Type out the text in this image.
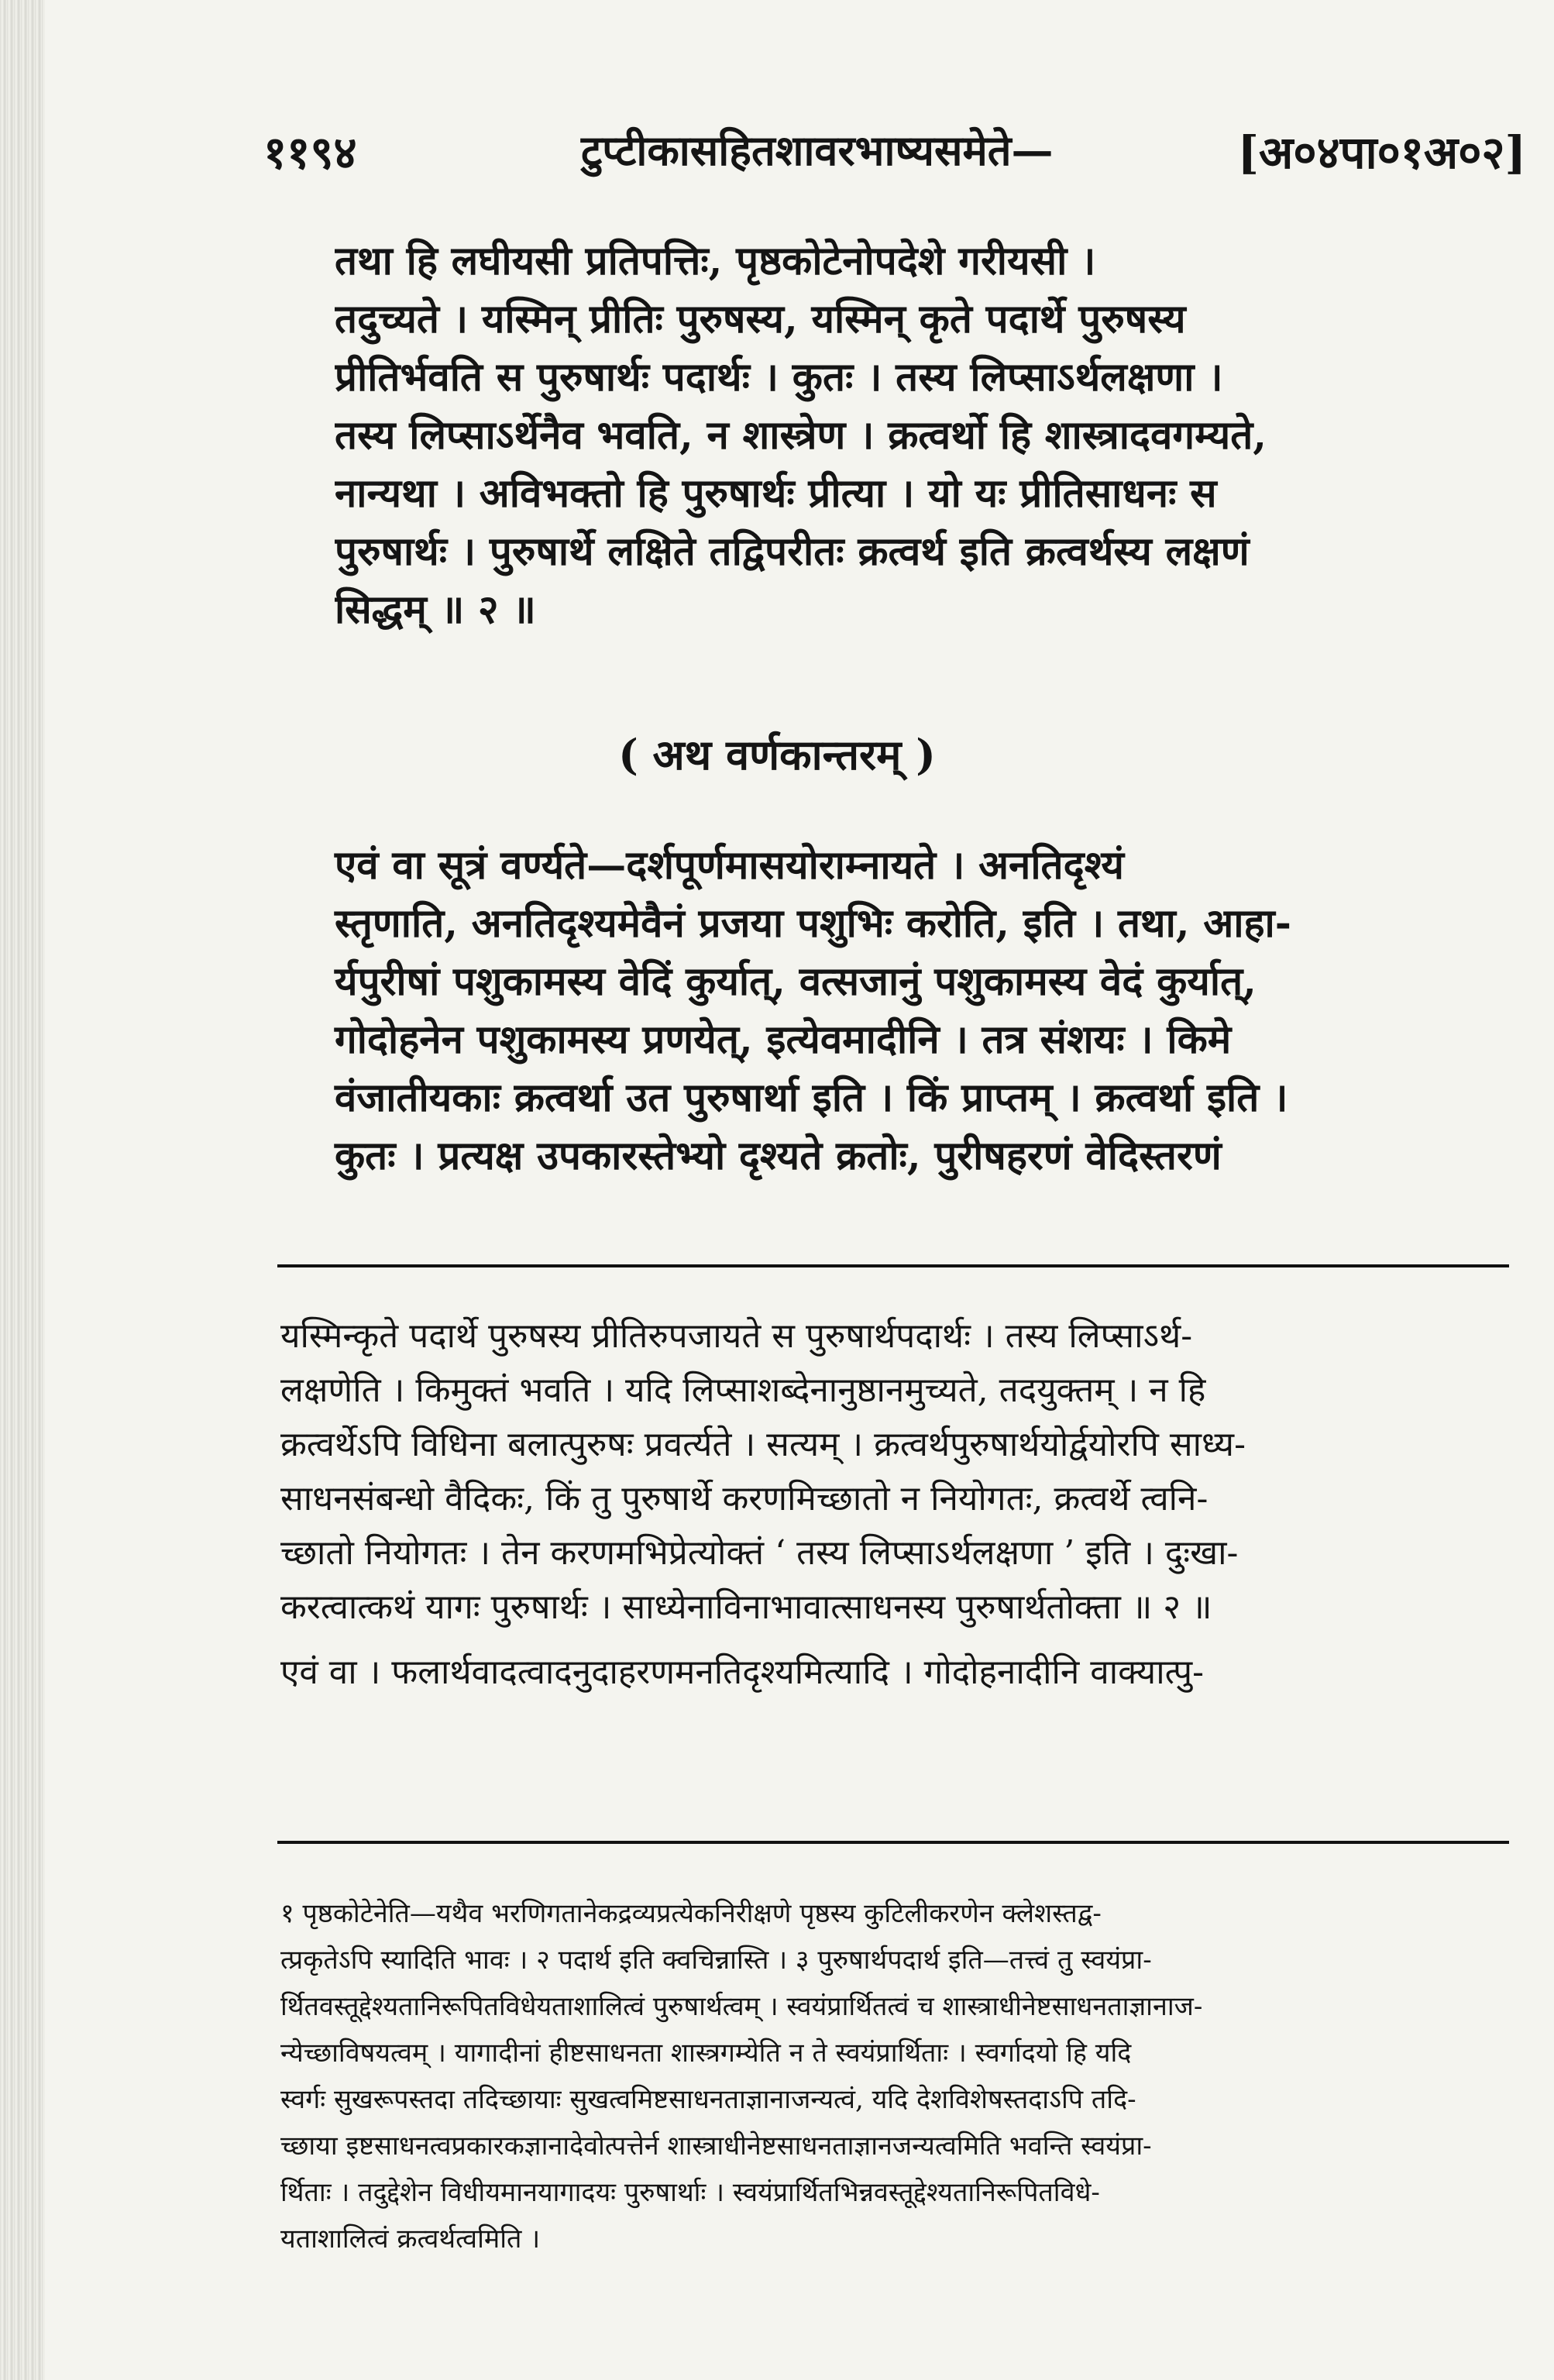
११९४	टुप्टीकासहितशावरभाष्यसमेते—	[अ०४पा०१अ०२]
तथा हि लघीयसी प्रतिपत्तिः, पृष्ठकोटेनोपदेशे गरीयसी ।
तदुच्यते । यस्मिन् प्रीतिः पुरुषस्य, यस्मिन् कृते पदार्थे पुरुषस्य
प्रीतिर्भवति स पुरुषार्थः पदार्थः । कुतः । तस्य लिप्साऽर्थलक्षणा ।
तस्य लिप्साऽर्थेनैव भवति, न शास्त्रेण । क्रत्वर्थो हि शास्त्रादवगम्यते,
नान्यथा । अविभक्तो हि पुरुषार्थः प्रीत्या । यो यः प्रीतिसाधनः स
पुरुषार्थः । पुरुषार्थे लक्षिते तद्विपरीतः क्रत्वर्थ इति क्रत्वर्थस्य लक्षणं
सिद्धम् ॥ २ ॥
( अथ वर्णकान्तरम् )
एवं वा सूत्रं वर्ण्यते—दर्शपूर्णमासयोराम्नायते । अनतिदृश्यं
स्तृणाति, अनतिदृश्यमेवैनं प्रजया पशुभिः करोति, इति । तथा, आहा-
र्यपुरीषां पशुकामस्य वेदिं कुर्यात्, वत्सजानुं पशुकामस्य वेदं कुर्यात्,
गोदोहनेन पशुकामस्य प्रणयेत्, इत्येवमादीनि । तत्र संशयः । किमे
वंजातीयकाः क्रत्वर्था उत पुरुषार्था इति । किं प्राप्तम् । क्रत्वर्था इति ।
कुतः । प्रत्यक्ष उपकारस्तेभ्यो दृश्यते क्रतोः, पुरीषहरणं वेदिस्तरणं
यस्मिन्कृते पदार्थे पुरुषस्य प्रीतिरुपजायते स पुरुषार्थपदार्थः । तस्य लिप्साऽर्थ-
लक्षणेति । किमुक्तं भवति । यदि लिप्साशब्देनानुष्ठानमुच्यते, तदयुक्तम् । न हि
क्रत्वर्थेऽपि विधिना बलात्पुरुषः प्रवर्त्यते । सत्यम् । क्रत्वर्थपुरुषार्थयोर्द्वयोरपि साध्य-
साधनसंबन्धो वैदिकः, किं तु पुरुषार्थे करणमिच्छातो न नियोगतः, क्रत्वर्थे त्वनि-
च्छातो नियोगतः । तेन करणमभिप्रेत्योक्तं ‘ तस्य लिप्साऽर्थलक्षणा ’ इति । दुःखा-
करत्वात्कथं यागः पुरुषार्थः । साध्येनाविनाभावात्साधनस्य पुरुषार्थतोक्ता ॥ २ ॥
एवं वा । फलार्थवादत्वादनुदाहरणमनतिदृश्यमित्यादि । गोदोहनादीनि वाक्यात्पु-
१ पृष्ठकोटेनेति—यथैव भरणिगतानेकद्रव्यप्रत्येकनिरीक्षणे पृष्ठस्य कुटिलीकरणेन क्लेशस्तद्व-
त्प्रकृतेऽपि स्यादिति भावः । २ पदार्थ इति क्वचिन्नास्ति । ३ पुरुषार्थपदार्थ इति—तत्त्वं तु स्वयंप्रा-
र्थितवस्तूद्देश्यतानिरूपितविधेयताशालित्वं पुरुषार्थत्वम् । स्वयंप्रार्थितत्वं च शास्त्राधीनेष्टसाधनताज्ञानाज-
न्येच्छाविषयत्वम् । यागादीनां हीष्टसाधनता शास्त्रगम्येति न ते स्वयंप्रार्थिताः । स्वर्गादयो हि यदि
स्वर्गः सुखरूपस्तदा तदिच्छायाः सुखत्वमिष्टसाधनताज्ञानाजन्यत्वं, यदि देशविशेषस्तदाऽपि तदि-
च्छाया इष्टसाधनत्वप्रकारकज्ञानादेवोत्पत्तेर्न शास्त्राधीनेष्टसाधनताज्ञानजन्यत्वमिति भवन्ति स्वयंप्रा-
र्थिताः । तदुद्देशेन विधीयमानयागादयः पुरुषार्थाः । स्वयंप्रार्थितभिन्नवस्तूद्देश्यतानिरूपितविधे-
यताशालित्वं क्रत्वर्थत्वमिति ।
